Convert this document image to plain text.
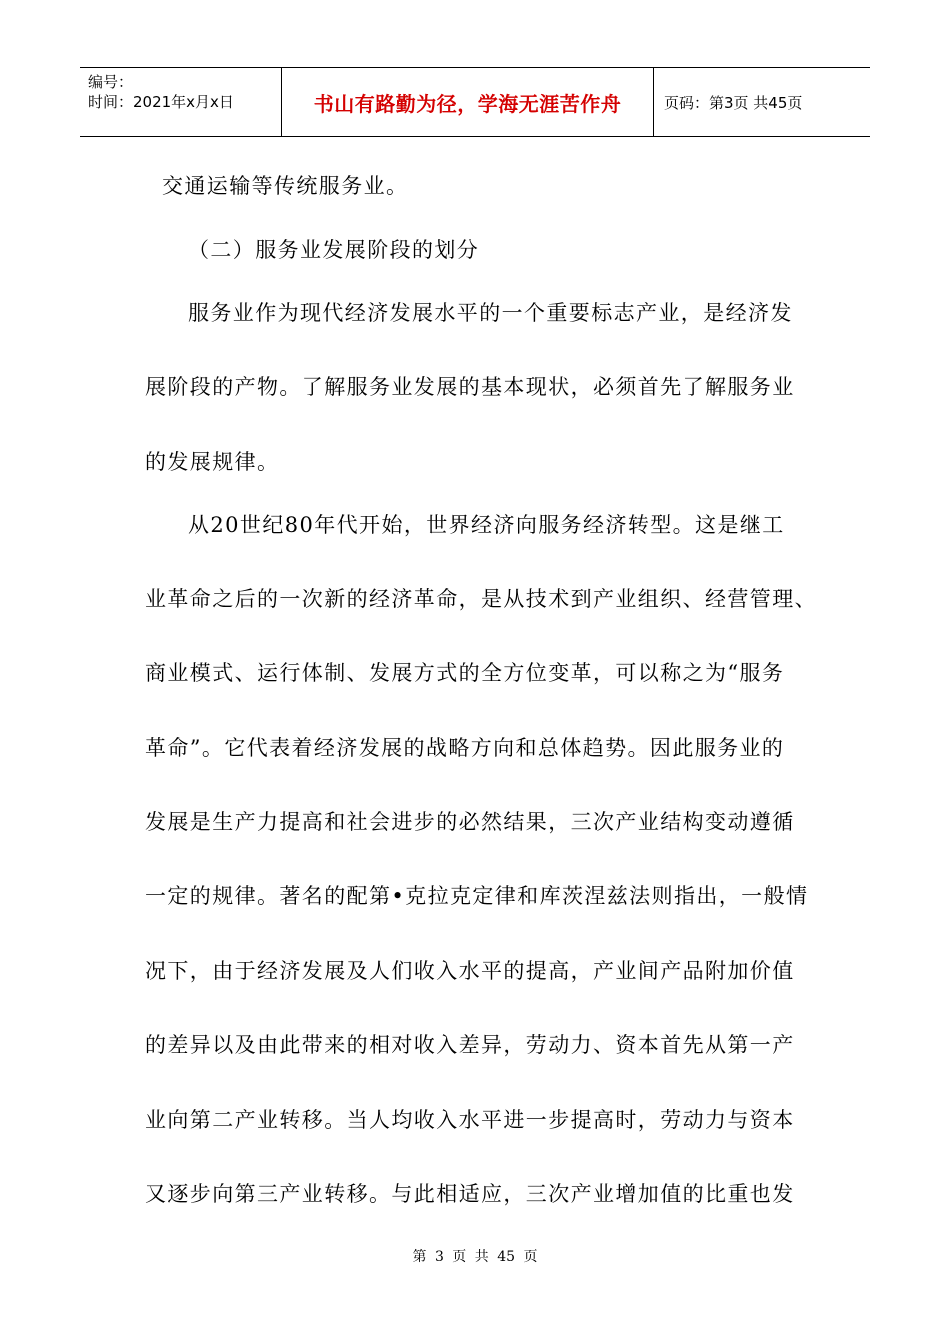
编号：
时间：2021年x月x日	书山有路勤为径，学海无涯苦作舟	页码：第3页 共45页
交通运输等传统服务业。
（二）服务业发展阶段的划分
服务业作为现代经济发展水平的一个重要标志产业，是经济发
展阶段的产物。了解服务业发展的基本现状，必须首先了解服务业
的发展规律。
从20世纪80年代开始，世界经济向服务经济转型。这是继工
业革命之后的一次新的经济革命，是从技术到产业组织、经营管理、
商业模式、运行体制、发展方式的全方位变革，可以称之为“服务
革命”。它代表着经济发展的战略方向和总体趋势。因此服务业的
发展是生产力提高和社会进步的必然结果，三次产业结构变动遵循
一定的规律。著名的配第•克拉克定律和库茨涅兹法则指出，一般情
况下，由于经济发展及人们收入水平的提高，产业间产品附加价值
的差异以及由此带来的相对收入差异，劳动力、资本首先从第一产
业向第二产业转移。当人均收入水平进一步提高时，劳动力与资本
又逐步向第三产业转移。与此相适应，三次产业增加值的比重也发
第 3 页 共 45 页
